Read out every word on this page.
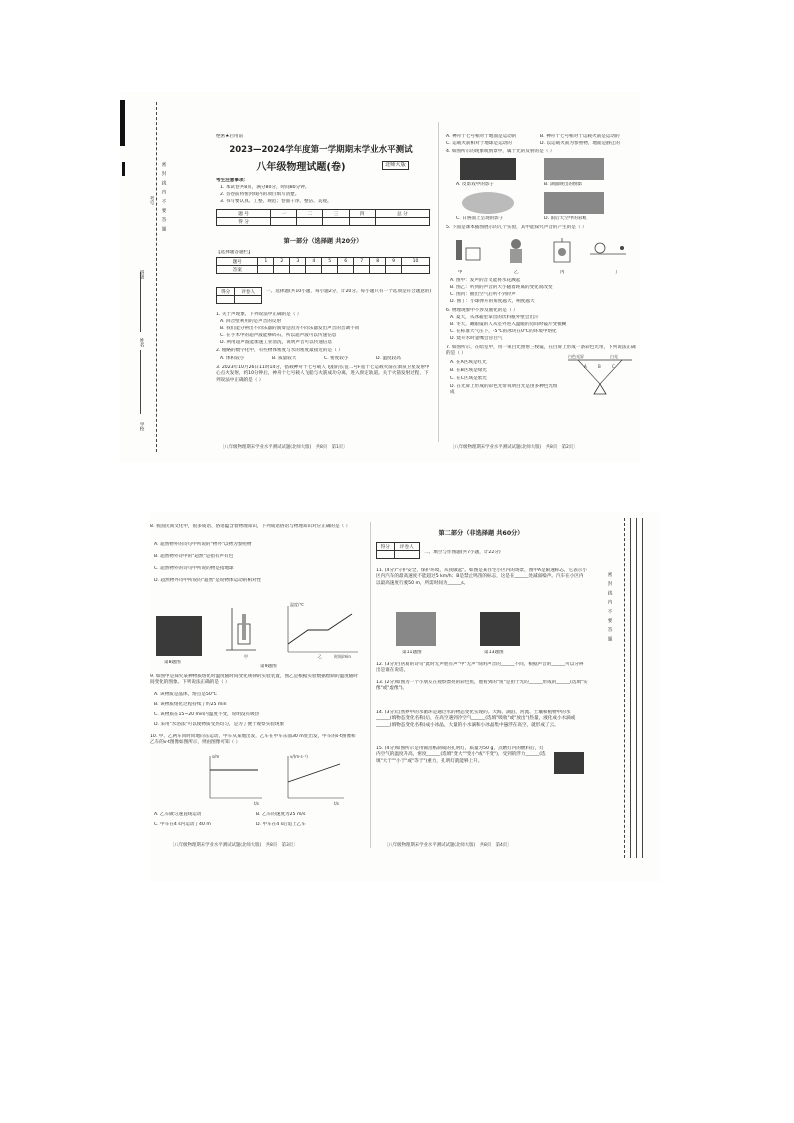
密　封　线　内　不　要　答　题
学校
姓名
班级
考号
绝密★启用前
2023—2024学年度第一学期期末学业水平测试
八年级物理试题(卷)	北师大版
考生注意事项：
1. 本试卷共8页，满分80分，时间80分钟。
2. 答卷前将密封线内的项目填写清楚。
3. 书写要认真、工整、规范；卷面干净、整洁、美观。
题 号	一	二	三	四	总 分
得 分					
第一部分（选择题 共20分）
【选择题答题栏】
题号	1	2	3	4	5	6	7	8	9	10
答案										
得分	评卷人
	一、选择题(共10小题，每小题2分，计20分。每小题只有一个选项是符合题意的)
1. 关于声现象，下列说法中正确的是（ ）
A. 回音壁利用的是声音的反射
B. 我们能分辨出不同乐器的演奏是因为不同乐器发出声音的音调不同
C. 在手术中的超声波能够碎石，所以超声波可以传递信息
D. 利用超声波能加速工业清洗，说明声音可以传递信息
2. 粗略的数字化中，有些物体密度与水的密度最接近的是（ ）
A. 体积较小	B. 质量较大	C. 密度较小	D. 温度较高
3. 2023年10月26日11时14分，搭载神舟十七号载人飞船的长征二号F遥十七运载火箭在酒泉卫星发射中心点火发射，约10分钟后，神舟十七号载人飞船与火箭成功分离，进入预定轨道。关于火箭发射过程，下列说法中正确的是（ ）
〔八年级物理期末学业水平测试试题(北师大版)　共8页　第1页〕
A. 神舟十七号相对于地面是运动的	B. 神舟十七号相对于运载火箭是运动的
C. 运载火箭相对于地球是运动的	D. 以运载火箭为参照物，地面是静止的
4. 如图所示的现象或情景中，属于光的反射的是（ ）
A. 皮影戏中的影子	B. 湖面映出的倒影
C. 日晷面上呈现的影子	D. 雨后天空中的彩虹
5. 下面是课本插图展示的几个实验，其中能探究声音的产生的是（ ）
甲	乙	丙	丁
A. 图甲：发声的音叉能将水花溅起
B. 图乙：听到的声音的大小随着距离的变化而改变
C. 图丙：抽出空气后听不到铃声
D. 图丁：小球弹开的角度越大，响度越大
6. 物理现象中不涉及液化的是（ ）
A. 夏天，从冰箱里拿出的饮料瓶外壁会出汗
B. 冬天，戴眼镜的人从室外进入温暖的房间时镜片变模糊
C. 在标准大气压下，-5℃的冰块在0℃的环境中熔化
D. 烧开水时壶嘴会冒白气
7. 如图所示，在暗室中，用一束白光照射三棱镜，在白屏上形成一条彩色光带，下列说法正确的是（ ）
A. 在A区域是红光
B. 在B区域是绿光
C. 在C区域是紫光
D. 在光屏上形成的彩色光带说明白光是由多种色光组成
白色光屏	白光
A	B	C
〔八年级物理期末学业水平测试试题(北师大版)　共8页　第2页〕
8. 我国民间文化中，很多成语、俗语蕴含着物理知识，下列成语俗语与物理知识对应正确的是（ ）
A. 超然物外的诗句中所说的"物外"以物为参照物
B. 超然物外诗中的"超然"是指有声有色
C. 超然物外的诗句中所说的物是指地球
D. 超然物外诗中所说的"超然"是说物体运动的相对性
第8题图
温度/℃
时间/min
甲	乙
第9题图
9. 如图甲是探究某种物质熔化时温度随时间变化规律的实验装置，图乙是根据实验数据绘制的温度随时间变化的图象。下列说法正确的是（ ）
A. 该物质是晶体，熔点是50℃
B. 该物质熔化过程持续了约25 min
C. 该物质在15~20 min内温度不变，说明没有吸热
D. 采用"水浴法"可以使物质受热均匀，是为了便于观察实验现象
10. 甲、乙两车同时同地向东运动，甲车从某地出发，乙车在甲车东面30 m处出发，甲车的s-t图像和乙车的v-t图像如图所示，则由图像可知（ ）
s/m
t/s
v/(m·s⁻¹)
t/s
A. 乙车做匀速直线运动	B. 乙车的速度为25 m/s
C. 甲车在4 s内运动了40 m	D. 甲车在4 s后追上乙车
〔八年级物理期末学业水平测试试题(北师大版)　共8页　第3页〕
第二部分（非选择题 共60分）
得分	评卷人

二、填空与作图题(共7小题，计22分)
11. (4分)"守护安全，保护环境，从我做起"。如图是某住宅小区内的场景，图中A是限速标志，它表示小区内汽车的最高速度不能超过5 km/h；B是禁止鸣笛的标志，这是在______处减弱噪声。汽车在小区内以最高速度行驶50 m，所需时间为______s。
第11题图	第13题图
12. (3分)白居易的诗句"此时无声胜有声"中"无声"说明声音的______不同，根据声音的______可以分辨出是谁在说话。
13. (2分)如图为一个小朋友在观察漂亮的彩色鱼，他看到的"鱼"是由于光的______形成的______(选填"实像"或"虚像")。
14. (3分)自然界中的水循环是通过水的物态变化实现的。大海、湖泊、河流、土壤和植物中的水______(填物态变化名称)后，在高空遇到冷空气______(选填"吸收"或"放出")热量，液化成小水滴或______(填物态变化名称)成小冰晶，大量的小水滴和小冰晶集中悬浮在高空，就形成了云。
15. (4分)如图所示是用锡箔纸制成的孔明灯，质量为50 g，点燃灯内的燃料后，灯内空气的温度升高，密度______(选填"变大""变小"或"不变")，受到的浮力______(选填"大于""小于"或"等于")重力，孔明灯就能够上升。
〔八年级物理期末学业水平测试试题(北师大版)　共8页　第4页〕
密　封　线　内　不　要　答　题
